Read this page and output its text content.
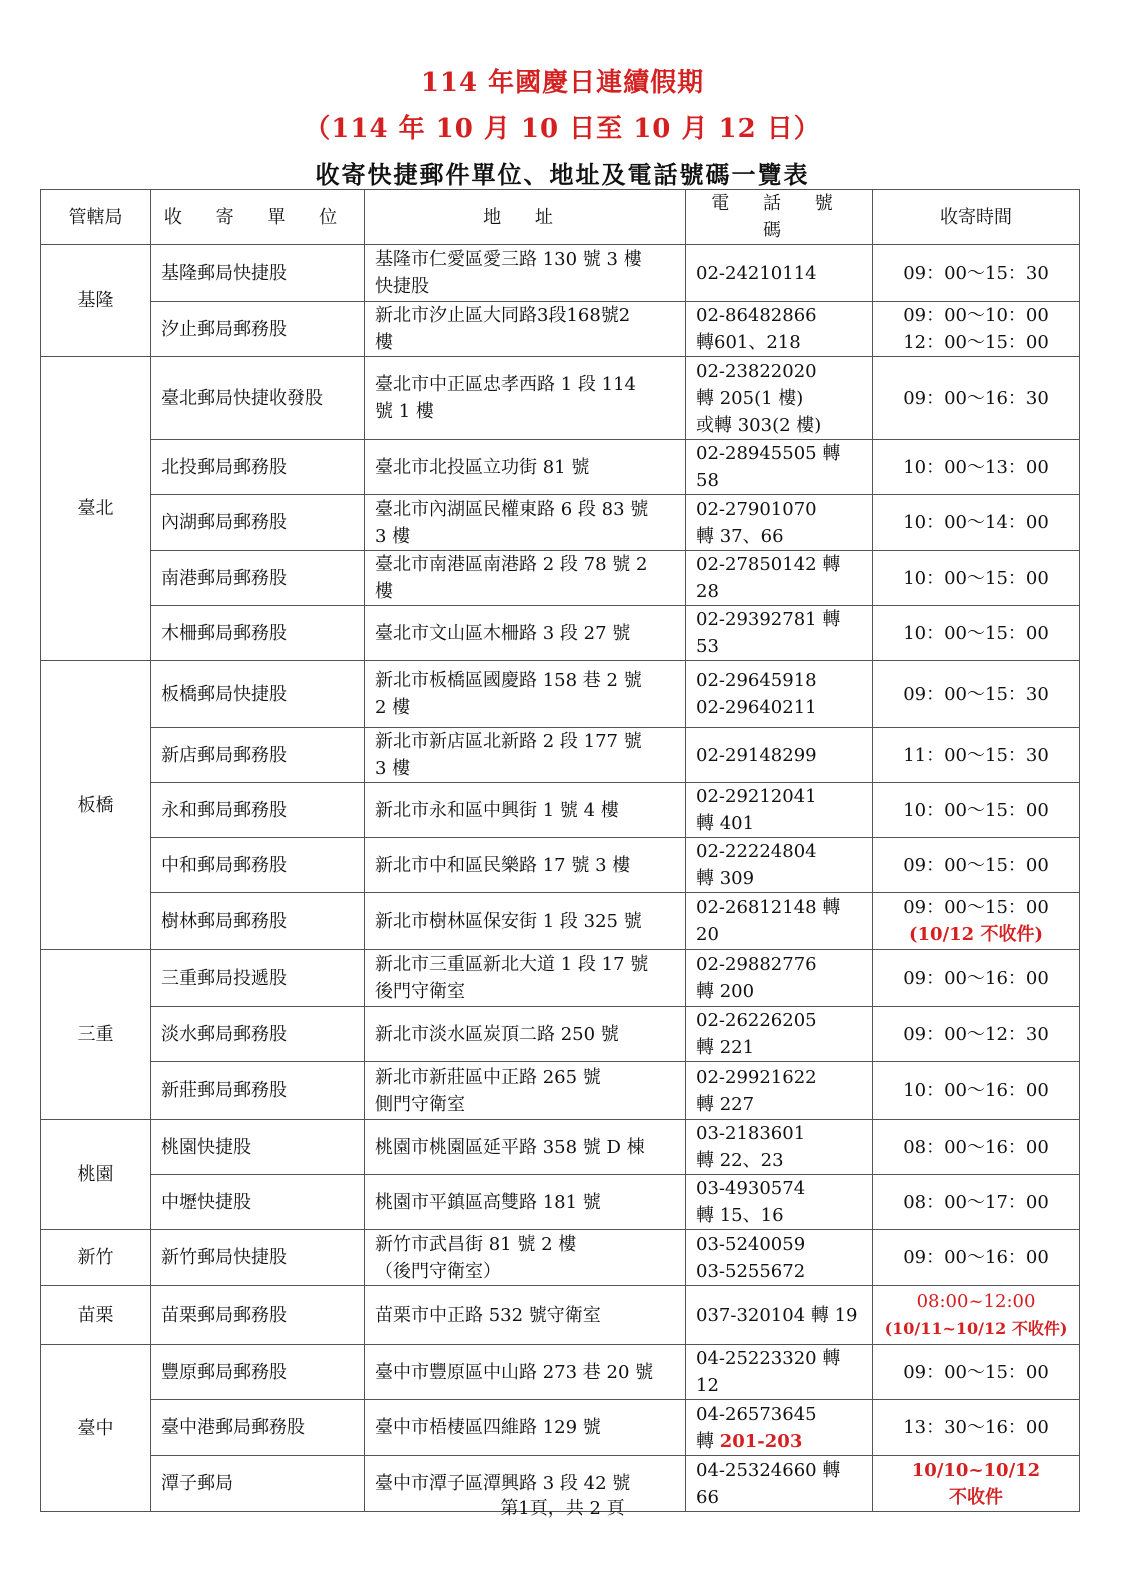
114 年國慶日連續假期
（114 年 10 月 10 日至 10 月 12 日）
收寄快捷郵件單位、地址及電話號碼一覽表
管轄局	收 寄 單 位	地 址	電 話 號 碼	收寄時間
基隆	基隆郵局快捷股	基隆市仁愛區愛三路 130 號 3 樓
快捷股	02-24210114	09：00～15：30

	汐止郵局郵務股	新北市汐止區大同路3段168號2
樓	02-86482866
轉601、218	09：00～10：00
12：00～15：00

臺北	臺北郵局快捷收發股	臺北市中正區忠孝西路 1 段 114
號 1 樓	02-23822020
轉 205(1 樓)
或轉 303(2 樓)	09：00～16：30

	北投郵局郵務股	臺北市北投區立功街 81 號	02-28945505 轉 58	10：00～13：00

	內湖郵局郵務股	臺北市內湖區民權東路 6 段 83 號
3 樓	02-27901070
轉 37、66	10：00～14：00

	南港郵局郵務股	臺北市南港區南港路 2 段 78 號 2
樓	02-27850142 轉 28	10：00～15：00

	木柵郵局郵務股	臺北市文山區木柵路 3 段 27 號	02-29392781 轉 53	10：00～15：00

板橋	板橋郵局快捷股	新北市板橋區國慶路 158 巷 2 號
2 樓	02-29645918
02-29640211	09：00～15：30

	新店郵局郵務股	新北市新店區北新路 2 段 177 號
3 樓	02-29148299	11：00～15：30

	永和郵局郵務股	新北市永和區中興街 1 號 4 樓	02-29212041
轉 401	10：00～15：00

	中和郵局郵務股	新北市中和區民樂路 17 號 3 樓	02-22224804
轉 309	09：00～15：00

	樹林郵局郵務股	新北市樹林區保安街 1 段 325 號	02-26812148 轉 20	09：00～15：00
(10/12 不收件)

三重	三重郵局投遞股	新北市三重區新北大道 1 段 17 號
後門守衛室	02-29882776
轉 200	09：00～16：00

	淡水郵局郵務股	新北市淡水區炭頂二路 250 號	02-26226205
轉 221	09：00～12：30

	新莊郵局郵務股	新北市新莊區中正路 265 號
側門守衛室	02-29921622
轉 227	10：00～16：00

桃園	桃園快捷股	桃園市桃園區延平路 358 號 D 棟	03-2183601
轉 22、23	08：00～16：00

	中壢快捷股	桃園市平鎮區高雙路 181 號	03-4930574
轉 15、16	08：00～17：00

新竹	新竹郵局快捷股	新竹市武昌街 81 號 2 樓
（後門守衛室）	03-5240059
03-5255672	09：00～16：00

苗栗	苗栗郵局郵務股	苗栗市中正路 532 號守衛室	037-320104 轉 19	08:00~12:00
(10/11~10/12 不收件)

臺中	豐原郵局郵務股	臺中市豐原區中山路 273 巷 20 號	04-25223320 轉 12	09：00～15：00

	臺中港郵局郵務股	臺中市梧棲區四維路 129 號	04-26573645
轉 201-203	13：30～16：00

	潭子郵局	臺中市潭子區潭興路 3 段 42 號	04-25324660 轉 66	10/10~10/12
不收件
第1頁，共 2 頁
